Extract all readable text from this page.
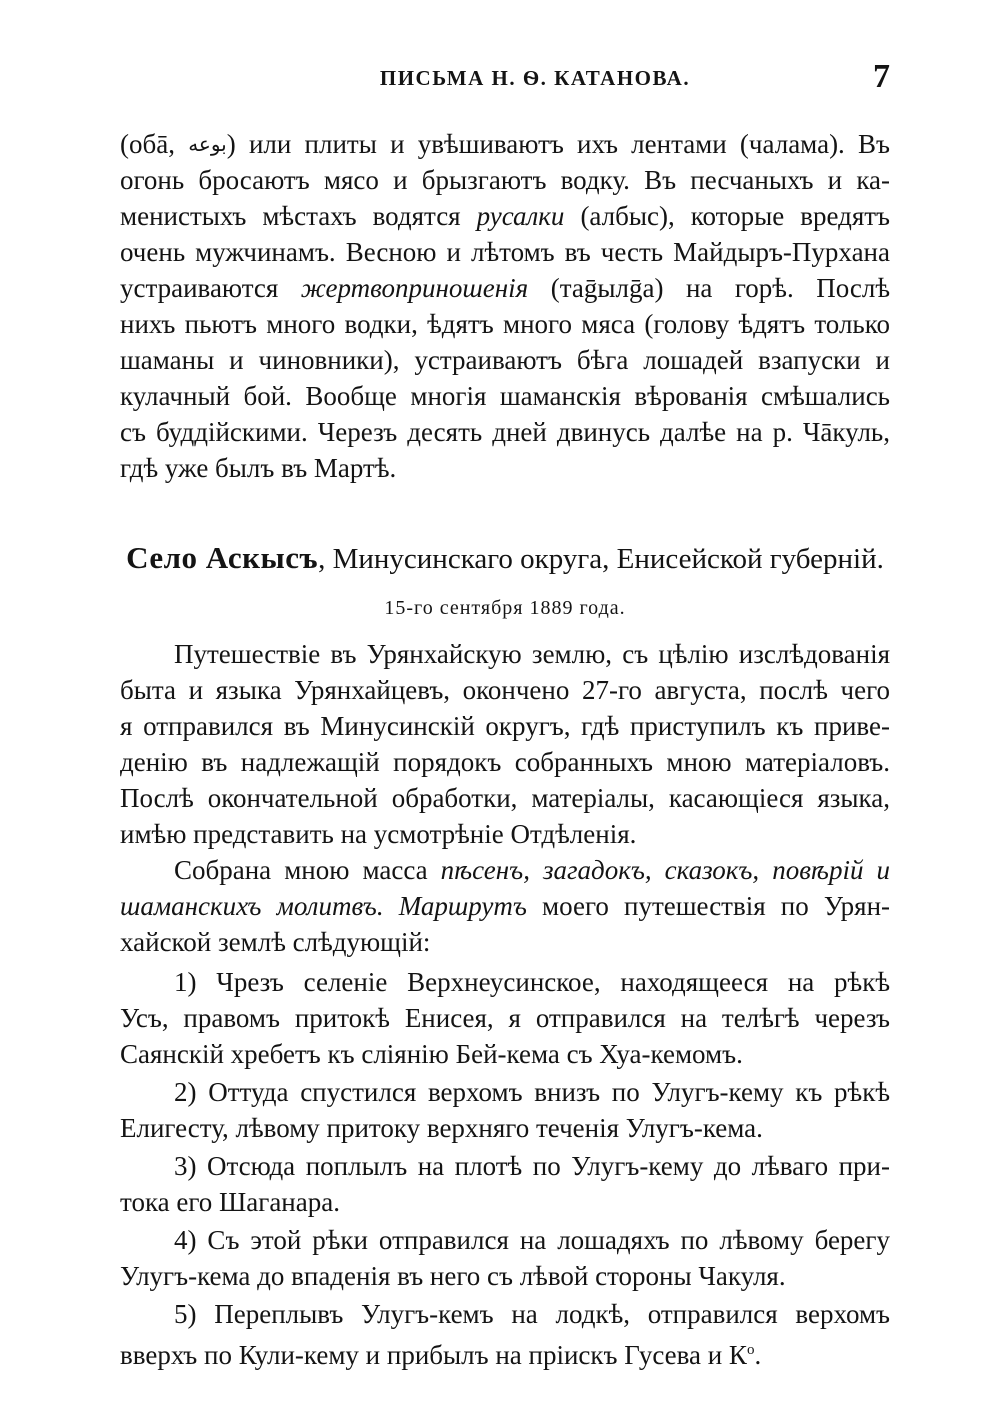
ПИСЬМА Н. Ѳ. КАТАНОВА.	7
(обā, ﺑﻮﻋﻪ) или плиты и увѣшиваютъ ихъ лентами (чалама). Въ
огонь бросаютъ мясо и брызгаютъ водку. Въ песчаныхъ и ка-
менистыхъ мѣстахъ водятся русалки (албыс), которые вредятъ
очень мужчинамъ. Весною и лѣтомъ въ честь Майдыръ-Пурхана
устраиваются жертвоприношенія (таḡылḡа) на горѣ. Послѣ
нихъ пьютъ много водки, ѣдятъ много мяса (голову ѣдятъ только
шаманы и чиновники), устраиваютъ бѣга лошадей взапуски и
кулачный бой. Вообще многія шаманскія вѣрованія смѣшались
съ буддійскими. Черезъ десять дней двинусь далѣе на р. Чāкуль,
гдѣ уже былъ въ Мартѣ.
Село Аскысъ, Минусинскаго округа, Енисейской губерній.
15-го сентября 1889 года.
Путешествіе въ Урянхайскую землю, съ цѣлію изслѣдованія
быта и языка Урянхайцевъ, окончено 27-го августа, послѣ чего
я отправился въ Минусинскій округъ, гдѣ приступилъ къ приве-
денію въ надлежащій порядокъ собранныхъ мною матеріаловъ.
Послѣ окончательной обработки, матеріалы, касающіеся языка,
имѣю представить на усмотрѣніе Отдѣленія.
Собрана мною масса пѣсенъ, загадокъ, сказокъ, повѣрій и
шаманскихъ молитвъ. Маршрутъ моего путешествія по Урян-
хайской землѣ слѣдующій:
1) Чрезъ селеніе Верхнеусинское, находящееся на рѣкѣ
Усъ, правомъ притокѣ Енисея, я отправился на телѣгѣ черезъ
Саянскій хребетъ къ сліянію Бей-кема съ Хуа-кемомъ.
2) Оттуда спустился верхомъ внизъ по Улугъ-кему къ рѣкѣ
Елигесту, лѣвому притоку верхняго теченія Улугъ-кема.
3) Отсюда поплылъ на плотѣ по Улугъ-кему до лѣваго при-
тока его Шаганара.
4) Съ этой рѣки отправился на лошадяхъ по лѣвому берегу
Улугъ-кема до впаденія въ него съ лѣвой стороны Чакуля.
5) Переплывъ Улугъ-кемъ на лодкѣ, отправился верхомъ
вверхъ по Кули-кему и прибылъ на пріискъ Гусева и $К^о$.
